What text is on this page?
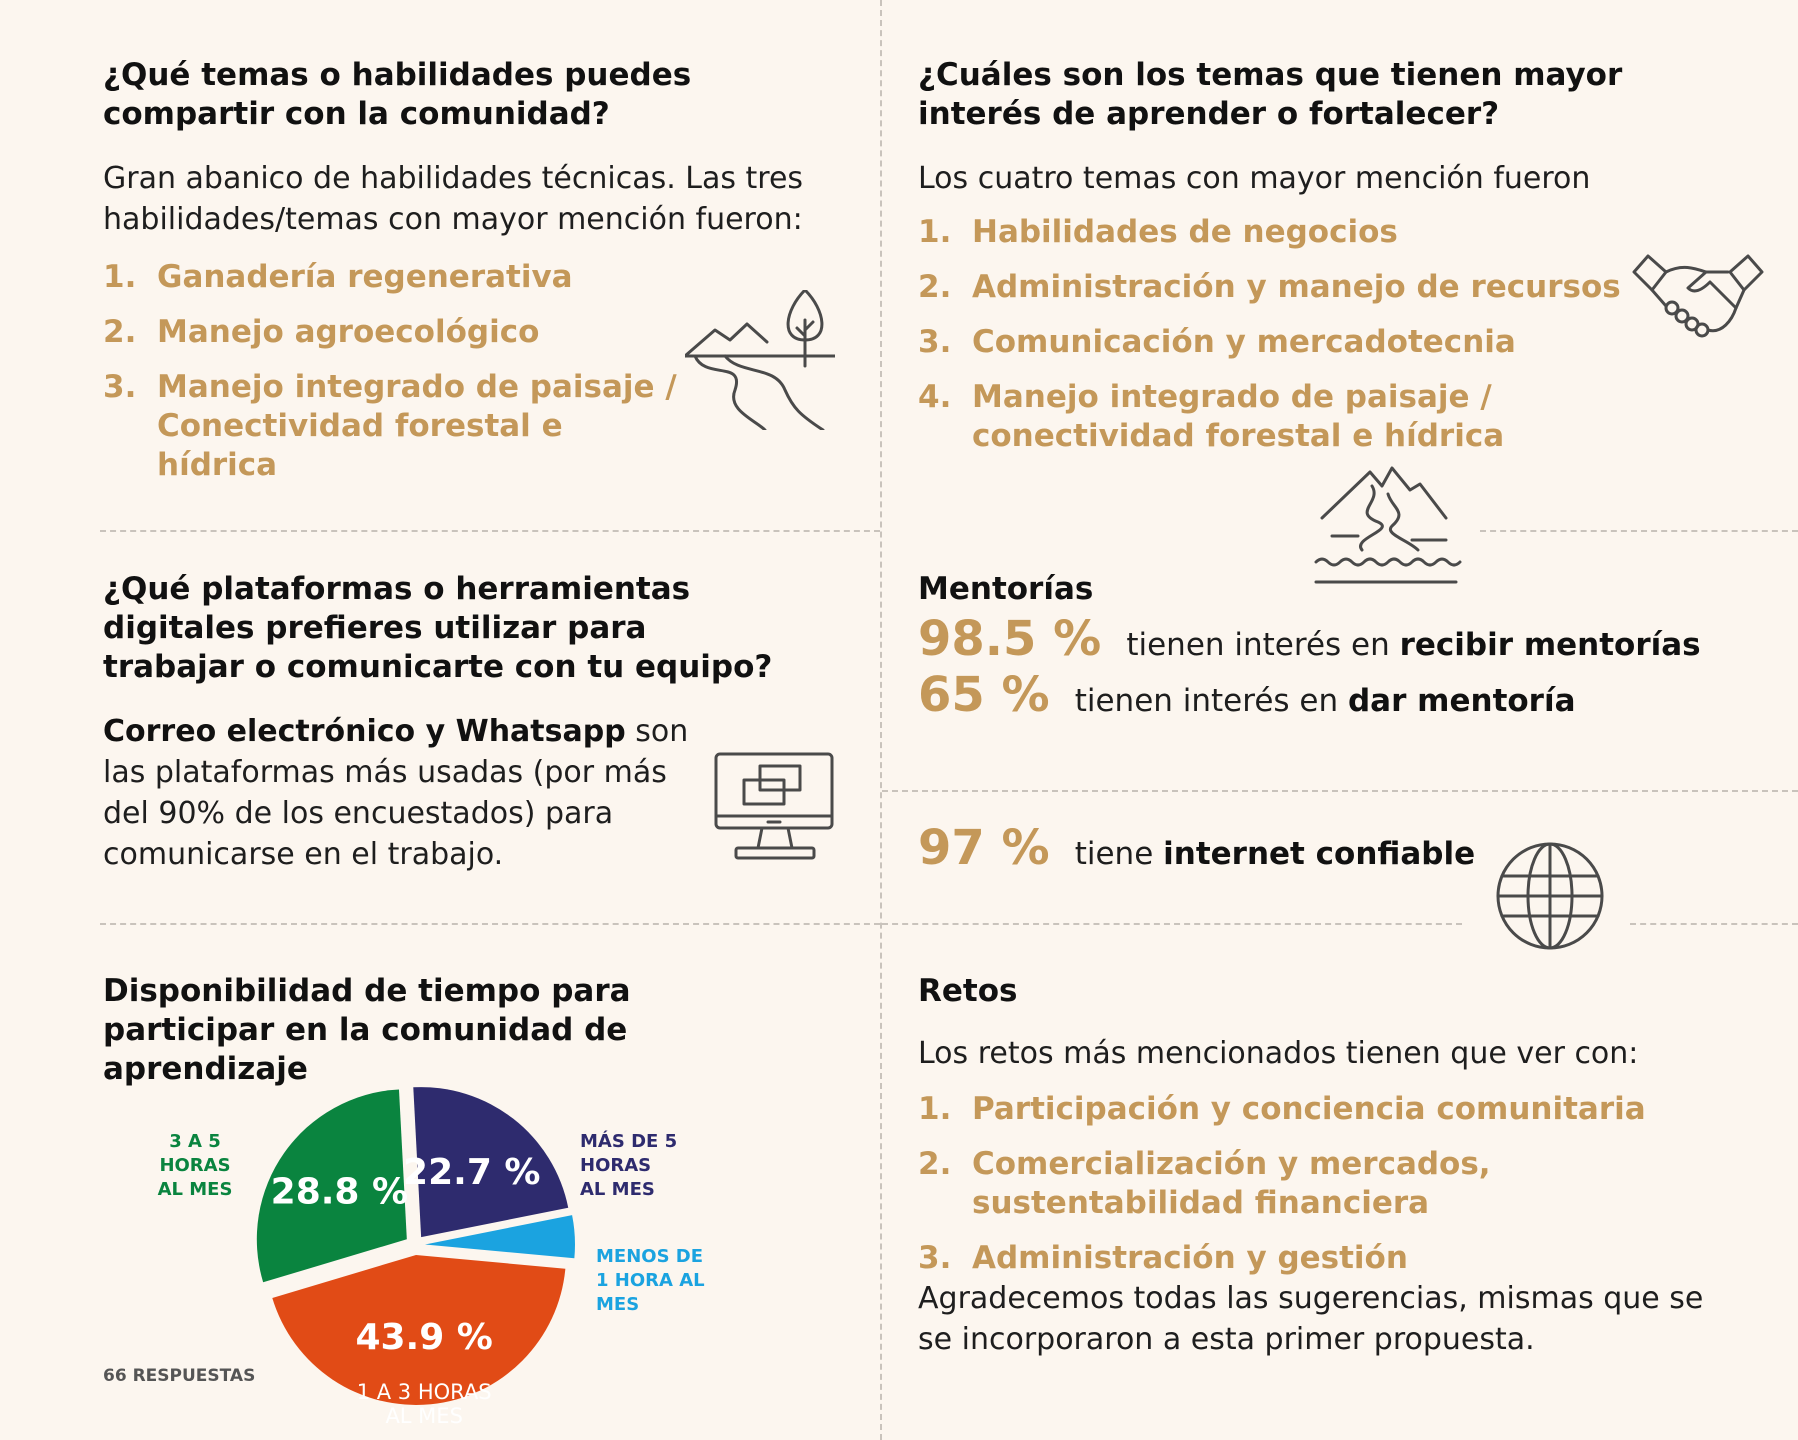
¿Qué temas o habilidades puedes compartir con la comunidad?

Gran abanico de habilidades técnicas. Las tres habilidades/temas con mayor mención fueron:

1. Ganadería regenerativa
2. Manejo agroecológico
3. Manejo integrado de paisaje / Conectividad forestal e hídrica
¿Cuáles son los temas que tienen mayor interés de aprender o fortalecer?

Los cuatro temas con mayor mención fueron

1. Habilidades de negocios
2. Administración y manejo de recursos
3. Comunicación y mercadotecnia
4. Manejo integrado de paisaje / conectividad forestal e hídrica
¿Qué plataformas o herramientas digitales prefieres utilizar para trabajar o comunicarte con tu equipo?

Correo electrónico y Whatsapp son las plataformas más usadas (por más del 90% de los encuestados) para comunicarse en el trabajo.

Mentorías
98.5 % tienen interés en recibir mentorías
65 % tienen interés en dar mentoría
97 % tiene internet confiable
Disponibilidad de tiempo para participar en la comunidad de aprendizaje
22.7 %
43.9 %
1 A 3 HORAS
AL MES
28.8 %
3 A 5 HORAS AL MES
MÁS DE 5 HORAS AL MES
MENOS DE 1 HORA AL MES
66 RESPUESTAS
Retos

Los retos más mencionados tienen que ver con:

1. Participación y conciencia comunitaria
2. Comercialización y mercados, sustentabilidad financiera
3. Administración y gestión

Agradecemos todas las sugerencias, mismas que se se incorporaron a esta primer propuesta.
